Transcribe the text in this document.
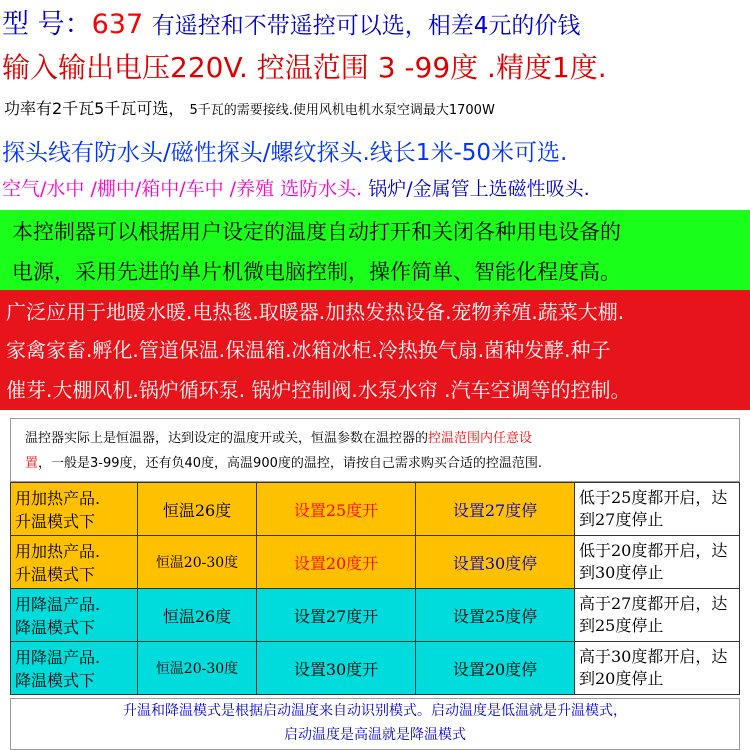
型 号：637 有遥控和不带遥控可以选，相差4元的价钱
输入输出电压220V. 控温范围 3 -99度 .精度1度.
功率有2千瓦5千瓦可选， 5千瓦的需要接线.使用风机电机水泵空调最大1700W
探头线有防水头/磁性探头/螺纹探头.线长1米-50米可选.
空气/水中 /棚中/箱中/车中 /养殖 选防水头. 锅炉/金属管上选磁性吸头.
本控制器可以根据用户设定的温度自动打开和关闭各种用电设备的
电源，采用先进的单片机微电脑控制，操作简单、智能化程度高。
广泛应用于地暖水暖.电热毯.取暖器.加热发热设备.宠物养殖.蔬菜大棚.
家禽家畜.孵化.管道保温.保温箱.冰箱冰柜.冷热换气扇.菌种发酵.种子
催芽.大棚风机.锅炉循环泵. 锅炉控制阀.水泵水帘 .汽车空调等的控制。
温控器实际上是恒温器，达到设定的温度开或关，恒温参数在温控器的控温范围内任意设
置，一般是3-99度，还有负40度，高温900度的温控，请按自己需求购买合适的控温范围.
用加热产品.
升温模式下	恒温26度	设置25度开	设置27度停	低于25度都开启，达
到27度停止
用加热产品.
升温模式下	恒温20-30度	设置20度开	设置30度停	低于20度都开启，达
到30度停止
用降温产品.
降温模式下	恒温26度	设置27度开	设置25度停	高于27度都开启，达
到25度停止
用降温产品.
降温模式下	恒温20-30度	设置30度开	设置20度停	高于30度都开启，达
到20度停止
升温和降温模式是根据启动温度来自动识别模式。启动温度是低温就是升温模式，
启动温度是高温就是降温模式
